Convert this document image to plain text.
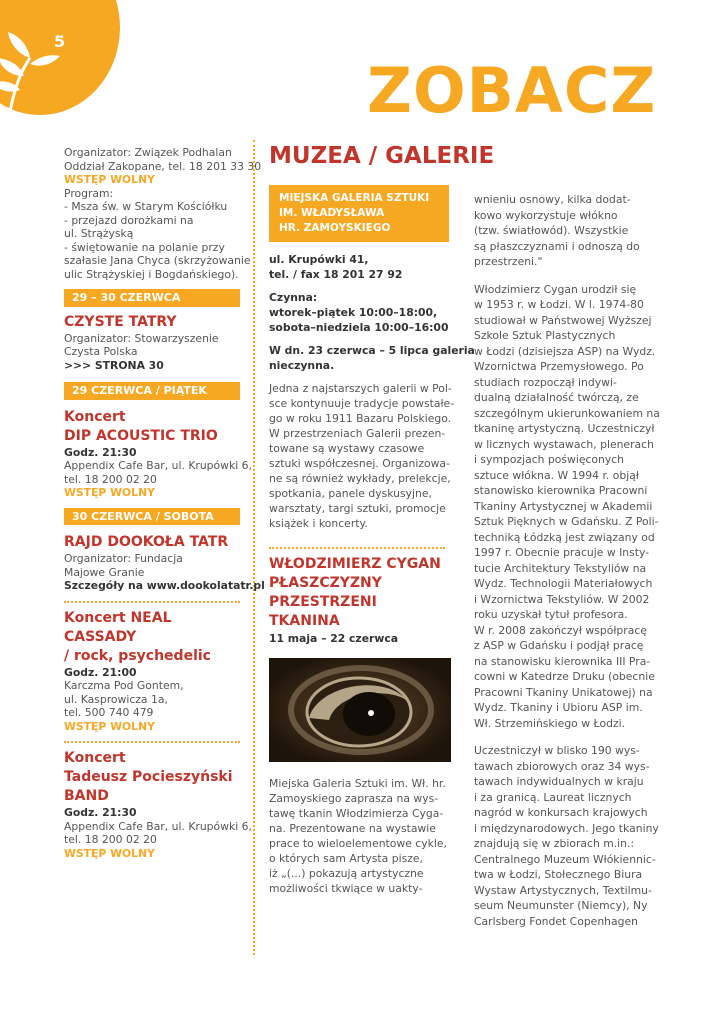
5
ZOBACZ
Organizator: Związek Podhalan
Oddział Zakopane, tel. 18 201 33 30
WSTĘP WOLNY
Program:
- Msza św. w Starym Kościółku
- przejazd dorożkami na
ul. Strążyską
- świętowanie na polanie przy
szałasie Jana Chyca (skrzyżowanie
ulic Strążyskiej i Bogdańskiego).
29 – 30 CZERWCA
CZYSTE TATRY
Organizator: Stowarzyszenie
Czysta Polska
>>> STRONA 30
29 CZERWCA / PIĄTEK
Koncert
DIP ACOUSTIC TRIO
Godz. 21:30
Appendix Cafe Bar, ul. Krupówki 6,
tel. 18 200 02 20
WSTĘP WOLNY
30 CZERWCA / SOBOTA
RAJD DOOKOŁA TATR
Organizator: Fundacja
Majowe Granie
Szczegóły na www.dookolatatr.pl
Koncert NEAL CASSADY
/ rock, psychedelic
Godz. 21:00
Karczma Pod Gontem,
ul. Kasprowicza 1a,
tel. 500 740 479
WSTĘP WOLNY
Koncert
Tadeusz Pocieszyński
BAND
Godz. 21:30
Appendix Cafe Bar, ul. Krupówki 6,
tel. 18 200 02 20
WSTĘP WOLNY
MUZEA / GALERIE
MIEJSKA GALERIA SZTUKI
IM. WŁADYSŁAWA
HR. ZAMOYSKIEGO
ul. Krupówki 41,
tel. / fax 18 201 27 92
Czynna:
wtorek–piątek 10:00–18:00,
sobota–niedziela 10:00–16:00
W dn. 23 czerwca – 5 lipca galeria
nieczynna.
Jedna z najstarszych galerii w Pol-
sce kontynuuje tradycje powstałe-
go w roku 1911 Bazaru Polskiego.
W przestrzeniach Galerii prezen-
towane są wystawy czasowe
sztuki współczesnej. Organizowa-
ne są również wykłady, prelekcje,
spotkania, panele dyskusyjne,
warsztaty, targi sztuki, promocje
książek i koncerty.
WŁODZIMIERZ CYGAN
PŁASZCZYZNY
PRZESTRZENI
TKANINA
11 maja – 22 czerwca
Miejska Galeria Sztuki im. Wł. hr.
Zamoyskiego zaprasza na wys-
tawę tkanin Włodzimierza Cyga-
na. Prezentowane na wystawie
prace to wieloelementowe cykle,
o których sam Artysta pisze,
iż „(...) pokazują artystyczne
możliwości tkwiące w uakty-
wnieniu osnowy, kilka dodat-
kowo wykorzystuje włókno
(tzw. światłowód). Wszystkie
są płaszczyznami i odnoszą do
przestrzeni."
Włodzimierz Cygan urodził się
w 1953 r. w Łodzi. W l. 1974-80
studiował w Państwowej Wyższej
Szkole Sztuk Plastycznych
w Łodzi (dzisiejsza ASP) na Wydz.
Wzornictwa Przemysłowego. Po
studiach rozpoczął indywi-
dualną działalność twórczą, ze
szczególnym ukierunkowaniem na
tkaninę artystyczną. Uczestniczył
w licznych wystawach, plenerach
i sympozjach poświęconych
sztuce włókna. W 1994 r. objął
stanowisko kierownika Pracowni
Tkaniny Artystycznej w Akademii
Sztuk Pięknych w Gdańsku. Z Poli-
techniką Łódzką jest związany od
1997 r. Obecnie pracuje w Insty-
tucie Architektury Tekstyliów na
Wydz. Technologii Materiałowych
i Wzornictwa Tekstyliów. W 2002
roku uzyskał tytuł profesora.
W r. 2008 zakończył współpracę
z ASP w Gdańsku i podjął pracę
na stanowisku kierownika III Pra-
cowni w Katedrze Druku (obecnie
Pracowni Tkaniny Unikatowej) na
Wydz. Tkaniny i Ubioru ASP im.
Wł. Strzemińskiego w Łodzi.
Uczestniczył w blisko 190 wys-
tawach zbiorowych oraz 34 wys-
tawach indywidualnych w kraju
i za granicą. Laureat licznych
nagród w konkursach krajowych
i międzynarodowych. Jego tkaniny
znajdują się w zbiorach m.in.:
Centralnego Muzeum Włókiennic-
twa w Łodzi, Stołecznego Biura
Wystaw Artystycznych, Textilmu-
seum Neumunster (Niemcy), Ny
Carlsberg Fondet Copenhagen
